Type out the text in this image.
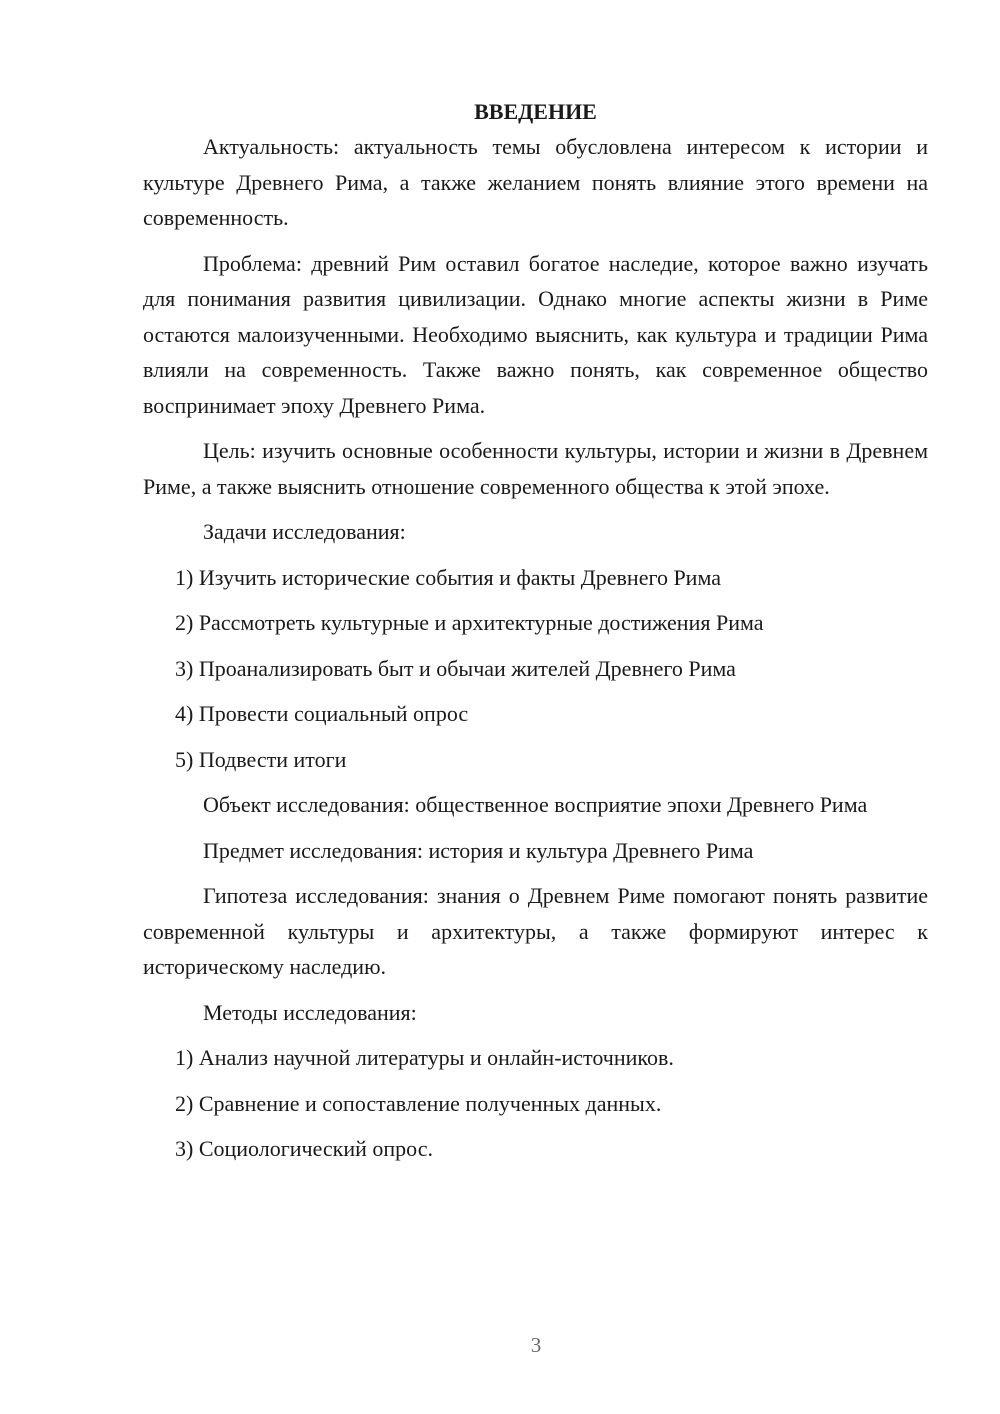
ВВЕДЕНИЕ

Актуальность: актуальность темы обусловлена интересом к истории и культуре Древнего Рима, а также желанием понять влияние этого времени на современность.

Проблема: древний Рим оставил богатое наследие, которое важно изучать для понимания развития цивилизации. Однако многие аспекты жизни в Риме остаются малоизученными. Необходимо выяснить, как культура и традиции Рима влияли на современность. Также важно понять, как современное общество воспринимает эпоху Древнего Рима.

Цель: изучить основные особенности культуры, истории и жизни в Древнем Риме, а также выяснить отношение современного общества к этой эпохе.

Задачи исследования:

1) Изучить исторические события и факты Древнего Рима

2) Рассмотреть культурные и архитектурные достижения Рима

3) Проанализировать быт и обычаи жителей Древнего Рима

4) Провести социальный опрос

5) Подвести итоги

Объект исследования: общественное восприятие эпохи Древнего Рима

Предмет исследования: история и культура Древнего Рима

Гипотеза исследования: знания о Древнем Риме помогают понять развитие современной культуры и архитектуры, а также формируют интерес к историческому наследию.

Методы исследования:

1) Анализ научной литературы и онлайн-источников.

2) Сравнение и сопоставление полученных данных.

3) Социологический опрос.

3
